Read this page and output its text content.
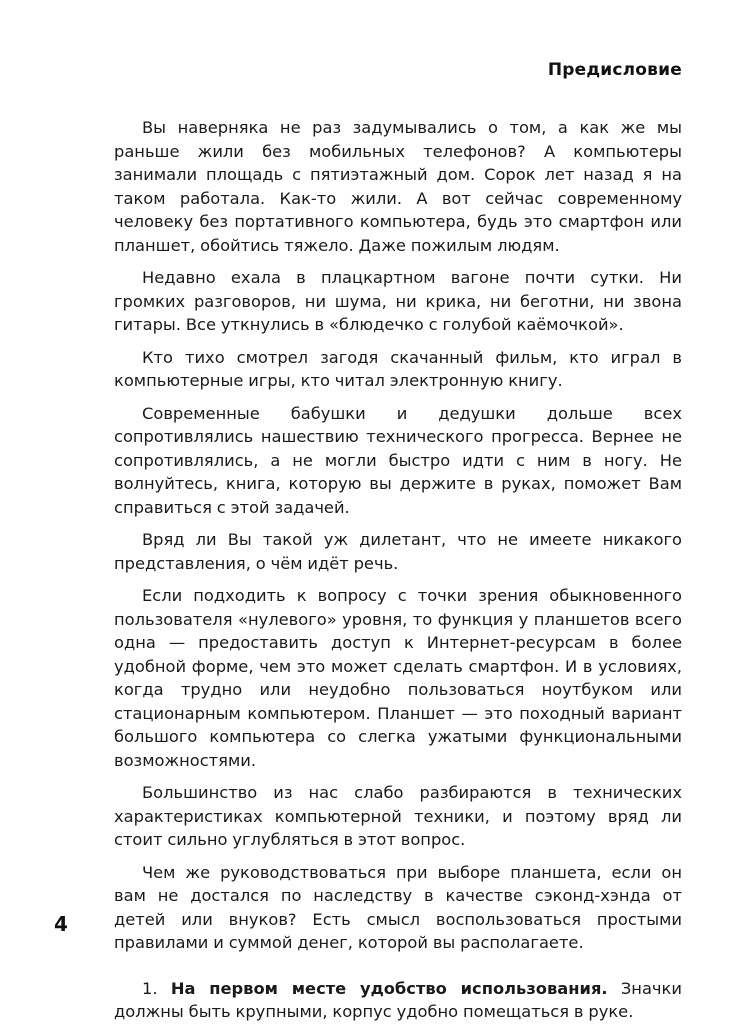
Предисловие

Вы наверняка не раз задумывались о том, а как же мы раньше жили без мобильных телефонов? А компьютеры занимали площадь с пятиэтажный дом. Сорок лет назад я на таком работала. Как-то жили. А вот сейчас современному человеку без портативного компьютера, будь это смартфон или планшет, обойтись тяжело. Даже пожилым людям.

Недавно ехала в плацкартном вагоне почти сутки. Ни громких разговоров, ни шума, ни крика, ни беготни, ни звона гитары. Все уткнулись в «блюдечко с голубой каёмочкой».

Кто тихо смотрел загодя скачанный фильм, кто играл в компьютерные игры, кто читал электронную книгу.

Современные бабушки и дедушки дольше всех сопротивлялись нашествию технического прогресса. Вернее не сопротивлялись, а не могли быстро идти с ним в ногу. Не волнуйтесь, книга, которую вы держите в руках, поможет Вам справиться с этой задачей.

Вряд ли Вы такой уж дилетант, что не имеете никакого представления, о чём идёт речь.

Если подходить к вопросу с точки зрения обыкновенного пользователя «нулевого» уровня, то функция у планшетов всего одна — предоставить доступ к Интернет-ресурсам в более удобной форме, чем это может сделать смартфон. И в условиях, когда трудно или неудобно пользоваться ноутбуком или стационарным компьютером. Планшет — это походный вариант большого компьютера со слегка ужатыми функциональными возможностями.

Большинство из нас слабо разбираются в технических характеристиках компьютерной техники, и поэтому вряд ли стоит сильно углубляться в этот вопрос.

Чем же руководствоваться при выборе планшета, если он вам не достался по наследству в качестве сэконд-хэнда от детей или внуков? Есть смысл воспользоваться простыми правилами и суммой денег, которой вы располагаете.

1. На первом месте удобство использования. Значки должны быть крупными, корпус удобно помещаться в руке.

4
